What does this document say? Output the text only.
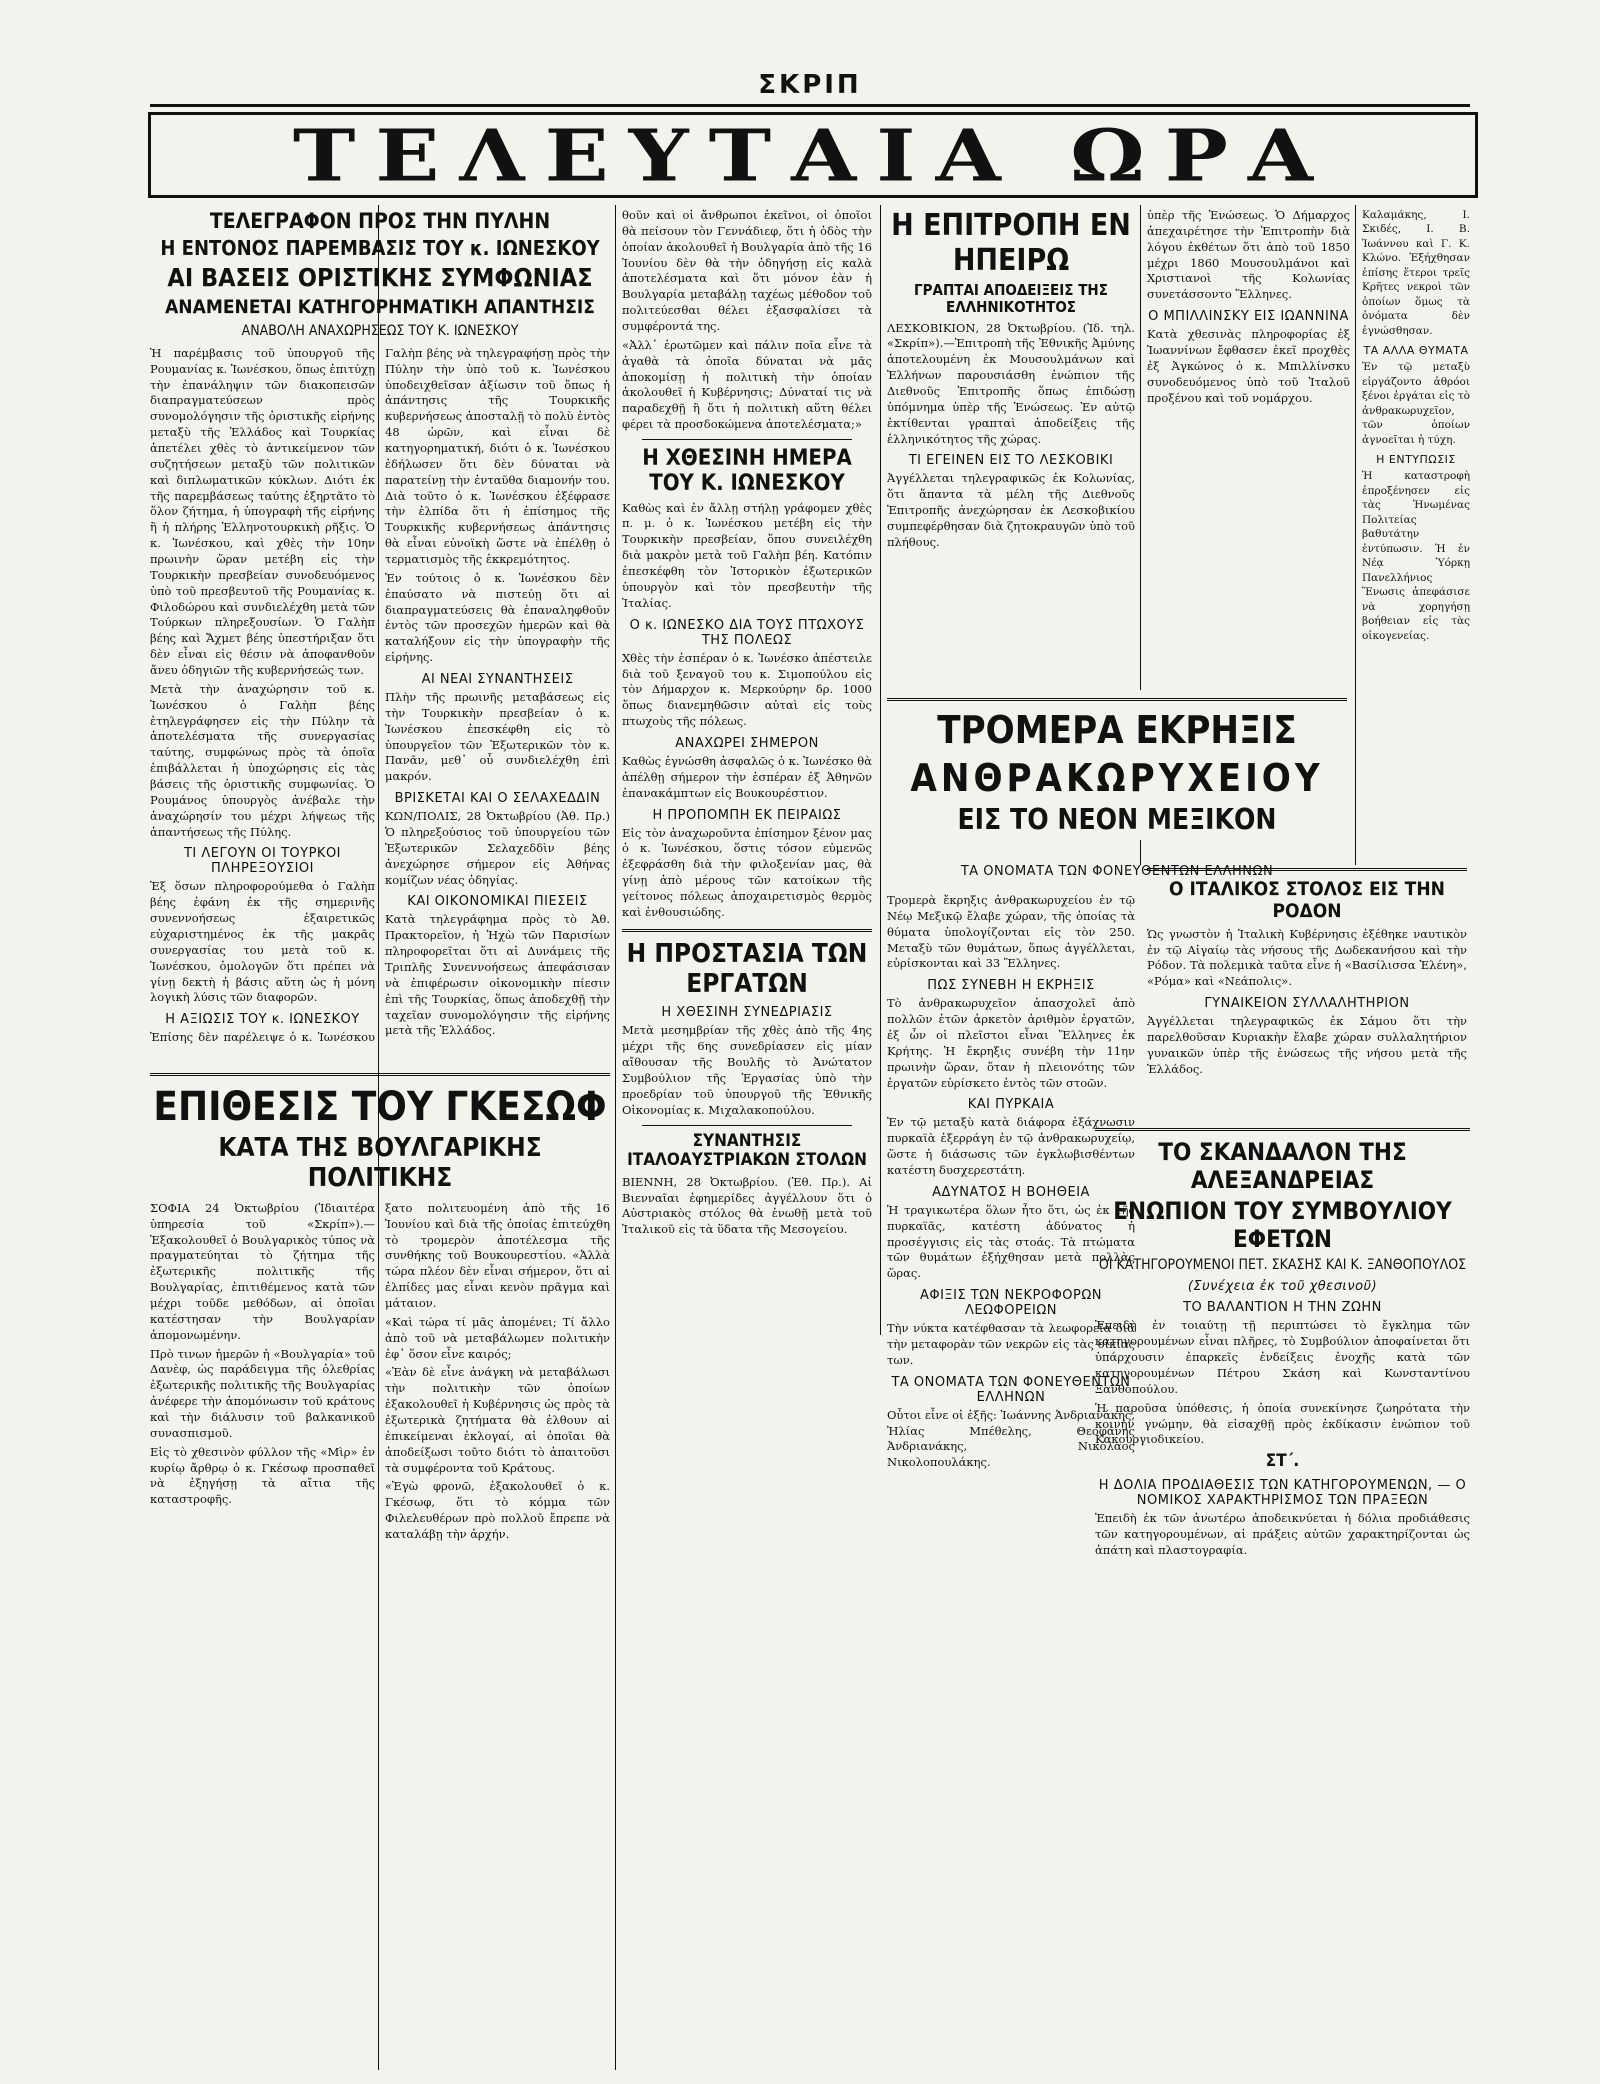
ΣΚΡΙΠ
ΤΕΛΕΥΤΑΙΑ ΩΡΑ
ΤΕΛΕΓΡΑΦΟΝ ΠΡΟΣ ΤΗΝ ΠΥΛΗΝ
Η ΕΝΤΟΝΟΣ ΠΑΡΕΜΒΑΣΙΣ ΤΟΥ κ. ΙΩΝΕΣΚΟΥ
ΑΙ ΒΑΣΕΙΣ ΟΡΙΣΤΙΚΗΣ ΣΥΜΦΩΝΙΑΣ
ΑΝΑΜΕΝΕΤΑΙ ΚΑΤΗΓΟΡΗΜΑΤΙΚΗ ΑΠΑΝΤΗΣΙΣ
ΑΝΑΒΟΛΗ ΑΝΑΧΩΡΗΣΕΩΣ ΤΟΥ Κ. ΙΩΝΕΣΚΟΥ

Ἡ παρέμβασις τοῦ ὑπουργοῦ τῆς Ρουμανίας κ. Ἰωνέσκου, ὅπως ἐπιτύχῃ τὴν ἐπανάληψιν τῶν διακοπεισῶν διαπραγματεύσεων πρὸς συνομολόγησιν τῆς ὁριστικῆς εἰρήνης μεταξὺ τῆς Ἑλλάδος καὶ Τουρκίας ἀπετέλει χθὲς τὸ ἀντικείμενον τῶν συζητήσεων μεταξὺ τῶν πολιτικῶν καὶ διπλωματικῶν κύκλων. Διότι ἐκ τῆς παρεμβάσεως ταύτης ἐξηρτᾶτο τὸ ὅλον ζήτημα, ἡ ὑπογραφὴ τῆς εἰρήνης ἢ ἡ πλήρης Ἑλληνοτουρκικὴ ρῆξις. Ὁ κ. Ἰωνέσκου, καὶ χθὲς τὴν 10ην πρωινὴν ὥραν μετέβη εἰς τὴν Τουρκικὴν πρεσβείαν συνοδευόμενος ὑπὸ τοῦ πρεσβευτοῦ τῆς Ρουμανίας κ. Φιλοδώρου καὶ συνδιελέχθη μετὰ τῶν Τούρκων πληρεξουσίων. Ὁ Γαλὴπ βέης καὶ Ἄχμετ βέης ὑπεστήριξαν ὅτι δὲν εἶναι εἰς θέσιν νὰ ἀποφανθοῦν ἄνευ ὁδηγιῶν τῆς κυβερνήσεώς των.

Μετὰ τὴν ἀναχώρησιν τοῦ κ. Ἰωνέσκου ὁ Γαλὴπ βέης ἐτηλεγράφησεν εἰς τὴν Πύλην τὰ ἀποτελέσματα τῆς συνεργασίας ταύτης, συμφώνως πρὸς τὰ ὁποῖα ἐπιβάλλεται ἡ ὑποχώρησις εἰς τὰς βάσεις τῆς ὁριστικῆς συμφωνίας. Ὁ Ρουμάνος ὑπουργὸς ἀνέβαλε τὴν ἀναχώρησίν του μέχρι λήψεως τῆς ἀπαντήσεως τῆς Πύλης.

ΤΙ ΛΕΓΟΥΝ ΟΙ ΤΟΥΡΚΟΙ ΠΛΗΡΕΞΟΥΣΙΟΙ

Ἐξ ὅσων πληροφορούμεθα ὁ Γαλὴπ βέης ἐφάνη ἐκ τῆς σημερινῆς συνεννοήσεως ἐξαιρετικῶς εὐχαριστημένος ἐκ τῆς μακρᾶς συνεργασίας του μετὰ τοῦ κ. Ἰωνέσκου, ὁμολογῶν ὅτι πρέπει νὰ γίνῃ δεκτὴ ἡ βάσις αὕτη ὡς ἡ μόνη λογικὴ λύσις τῶν διαφορῶν.

Η ΑΞΙΩΣΙΣ ΤΟΥ κ. ΙΩΝΕΣΚΟΥ

Ἐπίσης δὲν παρέλειψε ὁ κ. Ἰωνέσκου

Γαλὴπ βέης νὰ τηλεγραφήσῃ πρὸς τὴν Πύλην τὴν ὑπὸ τοῦ κ. Ἰωνέσκου ὑποδειχθεῖσαν ἀξίωσιν τοῦ ὅπως ἡ ἀπάντησις τῆς Τουρκικῆς κυβερνήσεως ἀποσταλῇ τὸ πολὺ ἐντὸς 48 ὡρῶν, καὶ εἶναι δὲ κατηγορηματική, διότι ὁ κ. Ἰωνέσκου ἐδήλωσεν ὅτι δὲν δύναται νὰ παρατείνῃ τὴν ἐνταῦθα διαμονήν του. Διὰ τοῦτο ὁ κ. Ἰωνέσκου ἐξέφρασε τὴν ἐλπίδα ὅτι ἡ ἐπίσημος τῆς Τουρκικῆς κυβερνήσεως ἀπάντησις θὰ εἶναι εὐνοϊκὴ ὥστε νὰ ἐπέλθῃ ὁ τερματισμὸς τῆς ἐκκρεμότητος.

Ἐν τούτοις ὁ κ. Ἰωνέσκου δὲν ἐπαύσατο νὰ πιστεύῃ ὅτι αἱ διαπραγματεύσεις θὰ ἐπαναληφθοῦν ἐντὸς τῶν προσεχῶν ἡμερῶν καὶ θὰ καταλήξουν εἰς τὴν ὑπογραφὴν τῆς εἰρήνης.

ΑΙ ΝΕΑΙ ΣΥΝΑΝΤΗΣΕΙΣ

Πλὴν τῆς πρωινῆς μεταβάσεως εἰς τὴν Τουρκικὴν πρεσβείαν ὁ κ. Ἰωνέσκου ἐπεσκέφθη εἰς τὸ ὑπουργεῖον τῶν Ἐξωτερικῶν τὸν κ. Πανᾶν, μεθ᾽ οὗ συνδιελέχθη ἐπὶ μακρόν.

ΒΡΙΣΚΕΤΑΙ ΚΑΙ Ο ΣΕΛΑΧΕΔΔΙΝ

ΚΩΝ/ΠΟΛΙΣ, 28 Ὀκτωβρίου (Ἀθ. Πρ.) Ὁ πληρεξούσιος τοῦ ὑπουργείου τῶν Ἐξωτερικῶν Σελαχεδδὶν βέης ἀνεχώρησε σήμερον εἰς Ἀθήνας κομίζων νέας ὁδηγίας.

ΚΑΙ ΟΙΚΟΝΟΜΙΚΑΙ ΠΙΕΣΕΙΣ

Κατὰ τηλεγράφημα πρὸς τὸ Ἀθ. Πρακτορεῖον, ἡ Ἠχὼ τῶν Παρισίων πληροφορεῖται ὅτι αἱ Δυνάμεις τῆς Τριπλῆς Συνεννοήσεως ἀπεφάσισαν νὰ ἐπιφέρωσιν οἰκονομικὴν πίεσιν ἐπὶ τῆς Τουρκίας, ὅπως ἀποδεχθῇ τὴν ταχεῖαν συνομολόγησιν τῆς εἰρήνης μετὰ τῆς Ἑλλάδος.

ΕΠΙΘΕΣΙΣ ΤΟΥ ΓΚΕΣΩΦ
ΚΑΤΑ ΤΗΣ ΒΟΥΛΓΑΡΙΚΗΣ ΠΟΛΙΤΙΚΗΣ

ΣΟΦΙΑ 24 Ὀκτωβρίου (Ἰδιαιτέρα ὑπηρεσία τοῦ «Σκρίπ»).—Ἐξακολουθεῖ ὁ Βουλγαρικὸς τύπος νὰ πραγματεύηται τὸ ζήτημα τῆς ἐξωτερικῆς πολιτικῆς τῆς Βουλγαρίας, ἐπιτιθέμενος κατὰ τῶν μέχρι τοῦδε μεθόδων, αἱ ὁποῖαι κατέστησαν τὴν Βουλγαρίαν ἀπομονωμένην.

Πρὸ τινων ἡμερῶν ἡ «Βουλγαρία» τοῦ Δανὲφ, ὡς παράδειγμα τῆς ὀλεθρίας ἐξωτερικῆς πολιτικῆς τῆς Βουλγαρίας ἀνέφερε τὴν ἀπομόνωσιν τοῦ κράτους καὶ τὴν διάλυσιν τοῦ βαλκανικοῦ συνασπισμοῦ.

Εἰς τὸ χθεσινὸν φύλλον τῆς «Μὶρ» ἐν κυρίῳ ἄρθρῳ ὁ κ. Γκέσωφ προσπαθεῖ νὰ ἐξηγήσῃ τὰ αἴτια τῆς καταστροφῆς.

ξατο πολιτευομένη ἀπὸ τῆς 16 Ἰουνίου καὶ διὰ τῆς ὁποίας ἐπιτεύχθη τὸ τρομερὸν ἀποτέλεσμα τῆς συνθήκης τοῦ Βουκουρεστίου. «Ἀλλὰ τώρα πλέον δὲν εἶναι σήμερον, ὅτι αἱ ἐλπίδες μας εἶναι κενὸν πρᾶγμα καὶ μάταιον.

«Καὶ τώρα τί μᾶς ἀπομένει; Τί ἄλλο ἀπὸ τοῦ νὰ μεταβάλωμεν πολιτικὴν ἐφ᾽ ὅσον εἶνε καιρός;

«Ἐὰν δὲ εἶνε ἀνάγκη νὰ μεταβάλωσι τὴν πολιτικὴν τῶν ὁποίων ἐξακολουθεῖ ἡ Κυβέρνησις ὡς πρὸς τὰ ἐξωτερικὰ ζητήματα θὰ ἐλθουν αἱ ἐπικείμεναι ἐκλογαί, αἱ ὁποῖαι θὰ ἀποδείξωσι τοῦτο διότι τὸ ἀπαιτοῦσι τὰ συμφέροντα τοῦ Κράτους.

«Ἐγὼ φρονῶ, ἐξακολουθεῖ ὁ κ. Γκέσωφ, ὅτι τὸ κόμμα τῶν Φιλελευθέρων πρὸ πολλοῦ ἔπρεπε νὰ καταλάβῃ τὴν ἀρχήν.

θοῦν καὶ οἱ ἄνθρωποι ἐκεῖνοι, οἱ ὁποῖοι θὰ πείσουν τὸν Γεννάδιεφ, ὅτι ἡ ὁδὸς τὴν ὁποίαν ἀκολουθεῖ ἡ Βουλγαρία ἀπὸ τῆς 16 Ἰουνίου δὲν θὰ τὴν ὁδηγήσῃ εἰς καλὰ ἀποτελέσματα καὶ ὅτι μόνον ἐὰν ἡ Βουλγαρία μεταβάλῃ ταχέως μέθοδον τοῦ πολιτεύεσθαι θέλει ἐξασφαλίσει τὰ συμφέροντά της.

«Ἀλλ᾽ ἐρωτῶμεν καὶ πάλιν ποῖα εἶνε τὰ ἀγαθὰ τὰ ὁποῖα δύναται νὰ μᾶς ἀποκομίσῃ ἡ πολιτικὴ τὴν ὁποίαν ἀκολουθεῖ ἡ Κυβέρνησις; Δύναταί τις νὰ παραδεχθῇ ἢ ὅτι ἡ πολιτικὴ αὕτη θέλει φέρει τὰ προσδοκώμενα ἀποτελέσματα;»

Η ΧΘΕΣΙΝΗ ΗΜΕΡΑ ΤΟΥ Κ. ΙΩΝΕΣΚΟΥ

Καθὼς καὶ ἐν ἄλλῃ στήλῃ γράφομεν χθὲς π. μ. ὁ κ. Ἰωνέσκου μετέβη εἰς τὴν Τουρκικὴν πρεσβείαν, ὅπου συνειλέχθη διὰ μακρὸν μετὰ τοῦ Γαλὴπ βέη. Κατόπιν ἐπεσκέφθη τὸν Ἰστορικὸν ἐξωτερικῶν ὑπουργὸν καὶ τὸν πρεσβευτὴν τῆς Ἰταλίας.

Ο κ. ΙΩΝΕΣΚΟ ΔΙΑ ΤΟΥΣ ΠΤΩΧΟΥΣ ΤΗΣ ΠΟΛΕΩΣ

Χθὲς τὴν ἑσπέραν ὁ κ. Ἰωνέσκο ἀπέστειλε διὰ τοῦ ξεναγοῦ του κ. Σιμοπούλου εἰς τὸν Δήμαρχον κ. Μερκούρην δρ. 1000 ὅπως διανεμηθῶσιν αὐταὶ εἰς τοὺς πτωχοὺς τῆς πόλεως.

ΑΝΑΧΩΡΕΙ ΣΗΜΕΡΟΝ

Καθὼς ἐγνώσθη ἀσφαλῶς ὁ κ. Ἰωνέσκο θὰ ἀπέλθῃ σήμερον τὴν ἑσπέραν ἐξ Ἀθηνῶν ἐπανακάμπτων εἰς Βουκουρέστιον.

Η ΠΡΟΠΟΜΠΗ ΕΚ ΠΕΙΡΑΙΩΣ

Εἰς τὸν ἀναχωροῦντα ἐπίσημον ξένον μας ὁ κ. Ἰωνέσκου, ὅστις τόσον εὐμενῶς ἐξεφράσθη διὰ τὴν φιλοξενίαν μας, θὰ γίνῃ ἀπὸ μέρους τῶν κατοίκων τῆς γείτονος πόλεως ἀποχαιρετισμὸς θερμὸς καὶ ἐνθουσιώδης.

Η ΠΡΟΣΤΑΣΙΑ ΤΩΝ ΕΡΓΑΤΩΝ
Η ΧΘΕΣΙΝΗ ΣΥΝΕΔΡΙΑΣΙΣ

Μετὰ μεσημβρίαν τῆς χθὲς ἀπὸ τῆς 4ης μέχρι τῆς 6ης συνεδρίασεν εἰς μίαν αἴθουσαν τῆς Βουλῆς τὸ Ἀνώτατον Συμβούλιον τῆς Ἐργασίας ὑπὸ τὴν προεδρίαν τοῦ ὑπουργοῦ τῆς Ἐθνικῆς Οἰκονομίας κ. Μιχαλακοπούλου.

ΣΥΝΑΝΤΗΣΙΣ ΙΤΑΛΟΑΥΣΤΡΙΑΚΩΝ ΣΤΟΛΩΝ

ΒΙΕΝΝΗ, 28 Ὀκτωβρίου. (Ἐθ. Πρ.). Αἱ Βιενναῖαι ἐφημερίδες ἀγγέλλουν ὅτι ὁ Αὐστριακὸς στόλος θὰ ἑνωθῇ μετὰ τοῦ Ἰταλικοῦ εἰς τὰ ὕδατα τῆς Μεσογείου.

Η ΕΠΙΤΡΟΠΗ ΕΝ ΗΠΕΙΡΩ
ΓΡΑΠΤΑΙ ΑΠΟΔΕΙΞΕΙΣ ΤΗΣ ΕΛΛΗΝΙΚΟΤΗΤΟΣ

ΛΕΣΚΟΒΙΚΙΟΝ, 28 Ὀκτωβρίου. (Ἰδ. τηλ. «Σκρίπ»).—Ἐπιτροπὴ τῆς Ἐθνικῆς Ἀμύνης ἀποτελουμένη ἐκ Μουσουλμάνων καὶ Ἑλλήνων παρουσιάσθη ἐνώπιον τῆς Διεθνοῦς Ἐπιτροπῆς ὅπως ἐπιδώσῃ ὑπόμνημα ὑπὲρ τῆς Ἑνώσεως. Ἐν αὐτῷ ἐκτίθενται γραπταὶ ἀποδείξεις τῆς ἑλληνικότητος τῆς χώρας.

ΤΙ ΕΓΕΙΝΕΝ ΕΙΣ ΤΟ ΛΕΣΚΟΒΙΚΙ

Ἀγγέλλεται τηλεγραφικῶς ἐκ Κολωνίας, ὅτι ἅπαντα τὰ μέλη τῆς Διεθνοῦς Ἐπιτροπῆς ἀνεχώρησαν ἐκ Λεσκοβικίου συμπεφέρθησαν διὰ ζητοκραυγῶν ὑπὸ τοῦ πλήθους.

ΤΡΟΜΕΡΑ ΕΚΡΗΞΙΣ
ΑΝΘΡΑΚΩΡΥΧΕΙΟΥ
ΕΙΣ ΤΟ ΝΕΟΝ ΜΕΞΙΚΟΝ
ΤΑ ΟΝΟΜΑΤΑ ΤΩΝ ΦΟΝΕΥΘΕΝΤΩΝ ΕΛΛΗΝΩΝ

Τρομερὰ ἔκρηξις ἀνθρακωρυχείου ἐν τῷ Νέῳ Μεξικῷ ἔλαβε χώραν, τῆς ὁποίας τὰ θύματα ὑπολογίζονται εἰς τὸν 250. Μεταξὺ τῶν θυμάτων, ὅπως ἀγγέλλεται, εὑρίσκονται καὶ 33 Ἕλληνες.

ΠΩΣ ΣΥΝΕΒΗ Η ΕΚΡΗΞΙΣ

Τὸ ἀνθρακωρυχεῖον ἀπασχολεῖ ἀπὸ πολλῶν ἐτῶν ἀρκετὸν ἀριθμὸν ἐργατῶν, ἐξ ὧν οἱ πλεῖστοι εἶναι Ἕλληνες ἐκ Κρήτης. Ἡ ἔκρηξις συνέβη τὴν 11ην πρωινὴν ὥραν, ὅταν ἡ πλειονότης τῶν ἐργατῶν εὑρίσκετο ἐντὸς τῶν στοῶν.

ΚΑΙ ΠΥΡΚΑΙΑ

Ἐν τῷ μεταξὺ κατὰ διάφορα ἐξάχνωσιν πυρκαϊὰ ἐξερράγη ἐν τῷ ἀνθρακωρυχείῳ, ὥστε ἡ διάσωσις τῶν ἐγκλωβισθέντων κατέστη δυσχερεστάτη.

ΑΔΥΝΑΤΟΣ Η ΒΟΗΘΕΙΑ

Ἡ τραγικωτέρα ὅλων ἦτο ὅτι, ὡς ἐκ τῆς πυρκαϊᾶς, κατέστη ἀδύνατος ἡ προσέγγισις εἰς τὰς στοάς. Τὰ πτώματα τῶν θυμάτων ἐξήχθησαν μετὰ πολλὰς ὥρας.

ΑΦΙΞΙΣ ΤΩΝ ΝΕΚΡΟΦΟΡΩΝ ΛΕΩΦΟΡΕΙΩΝ

Τὴν νύκτα κατέφθασαν τὰ λεωφορεῖα διὰ τὴν μεταφορὰν τῶν νεκρῶν εἰς τὰς οἰκίας των.

ΤΑ ΟΝΟΜΑΤΑ ΤΩΝ ΦΟΝΕΥΘΕΝΤΩΝ ΕΛΛΗΝΩΝ

Οὗτοι εἶνε οἱ ἑξῆς: Ἰωάννης Ἀνδριανάκης, Ἠλίας Μπέθελης, Θεοφάνης Ἀνδριανάκης, Νικόλαος Νικολοπουλάκης.

ὑπὲρ τῆς Ἑνώσεως. Ὁ Δήμαρχος ἀπεχαιρέτησε τὴν Ἐπιτροπὴν διὰ λόγου ἐκθέτων ὅτι ἀπὸ τοῦ 1850 μέχρι 1860 Μουσουλμάνοι καὶ Χριστιανοὶ τῆς Κολωνίας συνετάσσοντο Ἕλληνες.

Ο ΜΠΙΛΛΙΝΣΚΥ ΕΙΣ ΙΩΑΝΝΙΝΑ

Κατὰ χθεσινὰς πληροφορίας ἐξ Ἰωαννίνων ἔφθασεν ἐκεῖ προχθὲς ἐξ Ἀγκώνος ὁ κ. Μπιλλίνσκυ συνοδευόμενος ὑπὸ τοῦ Ἰταλοῦ προξένου καὶ τοῦ νομάρχου.

Καλαμάκης, Ι. Σκιδές, Ι. Β. Ἰωάννου καὶ Γ. Κ. Κλώνο. Ἐξήχθησαν ἐπίσης ἕτεροι τρεῖς Κρῆτες νεκροὶ τῶν ὁποίων ὅμως τὰ ὀνόματα δὲν ἐγνώσθησαν.

ΤΑ ΑΛΛΑ ΘΥΜΑΤΑ

Ἐν τῷ μεταξὺ εἰργάζοντο ἀθρόοι ξένοι ἐργάται εἰς τὸ ἀνθρακωρυχεῖον, τῶν ὁποίων ἀγνοεῖται ἡ τύχη.

Η ΕΝΤΥΠΩΣΙΣ

Ἡ καταστροφὴ ἐπροξένησεν εἰς τὰς Ἡνωμένας Πολιτείας βαθυτάτην ἐντύπωσιν. Ἡ ἐν Νέᾳ Ὑόρκῃ Πανελλήνιος Ἕνωσις ἀπεφάσισε νὰ χορηγήσῃ βοήθειαν εἰς τὰς οἰκογενείας.

Ο ΙΤΑΛΙΚΟΣ ΣΤΟΛΟΣ ΕΙΣ ΤΗΝ ΡΟΔΟΝ

Ὡς γνωστὸν ἡ Ἰταλικὴ Κυβέρνησις ἐξέθηκε ναυτικὸν ἐν τῷ Αἰγαίῳ τὰς νήσους τῆς Δωδεκανήσου καὶ τὴν Ρόδον. Τὰ πολεμικὰ ταῦτα εἶνε ἡ «Βασίλισσα Ἑλένη», «Ρόμα» καὶ «Νεάπολις».

ΓΥΝΑΙΚΕΙΟΝ ΣΥΛΛΑΛΗΤΗΡΙΟΝ

Ἀγγέλλεται τηλεγραφικῶς ἐκ Σάμου ὅτι τὴν παρελθοῦσαν Κυριακὴν ἔλαβε χώραν συλλαλητήριον γυναικῶν ὑπὲρ τῆς ἑνώσεως τῆς νήσου μετὰ τῆς Ἑλλάδος.

ΤΟ ΣΚΑΝΔΑΛΟΝ ΤΗΣ ΑΛΕΞΑΝΔΡΕΙΑΣ
ΕΝΩΠΙΟΝ ΤΟΥ ΣΥΜΒΟΥΛΙΟΥ ΕΦΕΤΩΝ
ΟΙ ΚΑΤΗΓΟΡΟΥΜΕΝΟΙ ΠΕΤ. ΣΚΑΣΗΣ ΚΑΙ Κ. ΞΑΝΘΟΠΟΥΛΟΣ
(Συνέχεια ἐκ τοῦ χθεσινοῦ)
ΤΟ ΒΑΛΑΝΤΙΟΝ Η ΤΗΝ ΖΩΗΝ

Ἐπειδὴ ἐν τοιαύτῃ τῇ περιπτώσει τὸ ἔγκλημα τῶν κατηγορουμένων εἶναι πλῆρες, τὸ Συμβούλιον ἀποφαίνεται ὅτι ὑπάρχουσιν ἐπαρκεῖς ἐνδείξεις ἐνοχῆς κατὰ τῶν κατηγορουμένων Πέτρου Σκάση καὶ Κωνσταντίνου Ξανθοπούλου.

Ἡ παροῦσα ὑπόθεσις, ἡ ὁποία συνεκίνησε ζωηρότατα τὴν κοινὴν γνώμην, θὰ εἰσαχθῇ πρὸς ἐκδίκασιν ἐνώπιον τοῦ Κακουργιοδικείου.

ΣΤ΄.
Η ΔΟΛΙΑ ΠΡΟΔΙΑΘΕΣΙΣ ΤΩΝ ΚΑΤΗΓΟΡΟΥΜΕΝΩΝ, — Ο ΝΟΜΙΚΟΣ ΧΑΡΑΚΤΗΡΙΣΜΟΣ ΤΩΝ ΠΡΑΞΕΩΝ

Ἐπειδὴ ἐκ τῶν ἀνωτέρω ἀποδεικνύεται ἡ δόλια προδιάθεσις τῶν κατηγορουμένων, αἱ πράξεις αὐτῶν χαρακτηρίζονται ὡς ἀπάτη καὶ πλαστογραφία.
